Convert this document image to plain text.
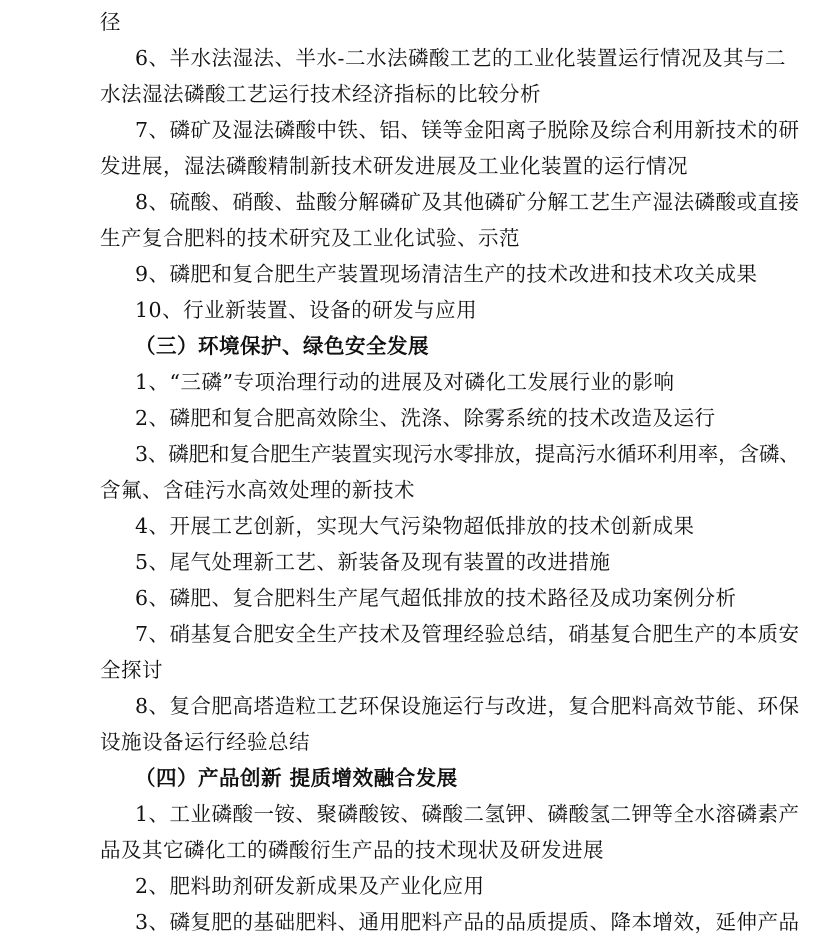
径
6、半水法湿法、半水-二水法磷酸工艺的工业化装置运行情况及其与二
水法湿法磷酸工艺运行技术经济指标的比较分析
7、磷矿及湿法磷酸中铁、铝、镁等金阳离子脱除及综合利用新技术的研
发进展，湿法磷酸精制新技术研发进展及工业化装置的运行情况
8、硫酸、硝酸、盐酸分解磷矿及其他磷矿分解工艺生产湿法磷酸或直接
生产复合肥料的技术研究及工业化试验、示范
9、磷肥和复合肥生产装置现场清洁生产的技术改进和技术攻关成果
10、行业新装置、设备的研发与应用
（三）环境保护、绿色安全发展
1、“三磷”专项治理行动的进展及对磷化工发展行业的影响
2、磷肥和复合肥高效除尘、洗涤、除雾系统的技术改造及运行
3、磷肥和复合肥生产装置实现污水零排放，提高污水循环利用率，含磷、
含氟、含硅污水高效处理的新技术
4、开展工艺创新，实现大气污染物超低排放的技术创新成果
5、尾气处理新工艺、新装备及现有装置的改进措施
6、磷肥、复合肥料生产尾气超低排放的技术路径及成功案例分析
7、硝基复合肥安全生产技术及管理经验总结，硝基复合肥生产的本质安
全探讨
8、复合肥高塔造粒工艺环保设施运行与改进，复合肥料高效节能、环保
设施设备运行经验总结
（四）产品创新 提质增效融合发展
1、工业磷酸一铵、聚磷酸铵、磷酸二氢钾、磷酸氢二钾等全水溶磷素产
品及其它磷化工的磷酸衍生产品的技术现状及研发进展
2、肥料助剂研发新成果及产业化应用
3、磷复肥的基础肥料、通用肥料产品的品质提质、降本增效，延伸产品
